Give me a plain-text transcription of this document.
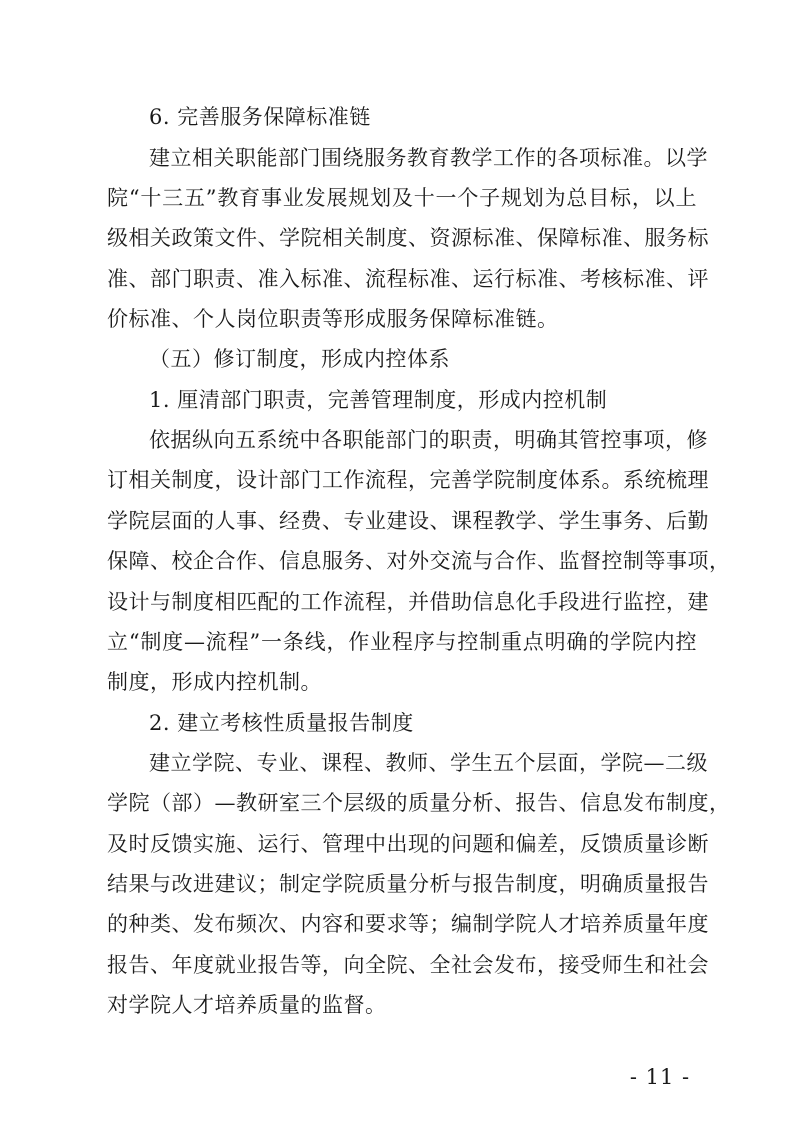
6. 完善服务保障标准链
建立相关职能部门围绕服务教育教学工作的各项标准。以学
院“十三五”教育事业发展规划及十一个子规划为总目标，以上
级相关政策文件、学院相关制度、资源标准、保障标准、服务标
准、部门职责、准入标准、流程标准、运行标准、考核标准、评
价标准、个人岗位职责等形成服务保障标准链。
（五）修订制度，形成内控体系
1. 厘清部门职责，完善管理制度，形成内控机制
依据纵向五系统中各职能部门的职责，明确其管控事项，修
订相关制度，设计部门工作流程，完善学院制度体系。系统梳理
学院层面的人事、经费、专业建设、课程教学、学生事务、后勤
保障、校企合作、信息服务、对外交流与合作、监督控制等事项，
设计与制度相匹配的工作流程，并借助信息化手段进行监控，建
立“制度—流程”一条线，作业程序与控制重点明确的学院内控
制度，形成内控机制。
2. 建立考核性质量报告制度
建立学院、专业、课程、教师、学生五个层面，学院—二级
学院（部）—教研室三个层级的质量分析、报告、信息发布制度，
及时反馈实施、运行、管理中出现的问题和偏差，反馈质量诊断
结果与改进建议；制定学院质量分析与报告制度，明确质量报告
的种类、发布频次、内容和要求等；编制学院人才培养质量年度
报告、年度就业报告等，向全院、全社会发布，接受师生和社会
对学院人才培养质量的监督。
- 11 -
